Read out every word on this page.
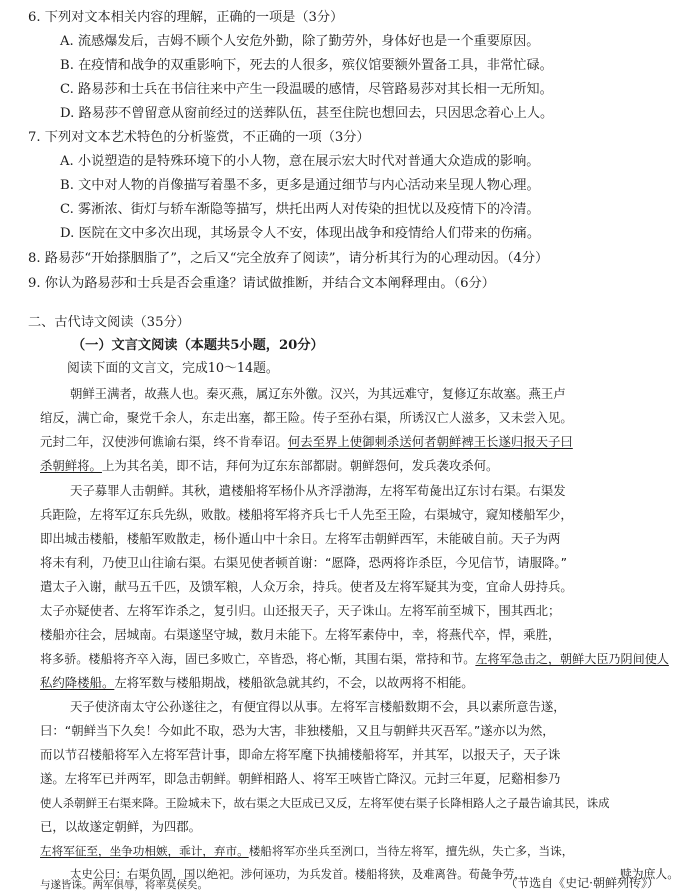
6. 下列对文本相关内容的理解，正确的一项是（3分）
A. 流感爆发后，吉姆不顾个人安危外勤，除了勤劳外，身体好也是一个重要原因。
B. 在疫情和战争的双重影响下，死去的人很多，殡仪馆要额外置备工具，非常忙碌。
C. 路易莎和士兵在书信往来中产生一段温暖的感情，尽管路易莎对其长相一无所知。
D. 路易莎不曾留意从窗前经过的送葬队伍，甚至住院也想回去，只因思念着心上人。
7. 下列对文本艺术特色的分析鉴赏，不正确的一项（3分）
A. 小说塑造的是特殊环境下的小人物，意在展示宏大时代对普通大众造成的影响。
B. 文中对人物的肖像描写着墨不多，更多是通过细节与内心活动来呈现人物心理。
C. 雾淅浓、街灯与轿车渐隐等描写，烘托出两人对传染的担忧以及疫情下的冷清。
D. 医院在文中多次出现，其场景令人不安，体现出战争和疫情给人们带来的伤痛。
8. 路易莎“开始搽胭脂了”，之后又“完全放弃了阅读”，请分析其行为的心理动因。（4分）
9. 你认为路易莎和士兵是否会重逢？请试做推断，并结合文本阐释理由。（6分）
二、古代诗文阅读（35分）
（一）文言文阅读（本题共5小题，20分）
阅读下面的文言文，完成10～14题。
朝鲜王满者，故燕人也。秦灭燕，属辽东外徼。汉兴，为其远难守，复修辽东故塞。燕王卢
绾反，满亡命，聚党千余人，东走出塞，都王险。传子至孙右渠，所诱汉亡人滋多，又未尝入见。
元封二年，汉使涉何谯谕右渠，终不肯奉诏。何去至界上使御刺杀送何者朝鲜裨王长遂归报天子曰
杀朝鲜将。上为其名美，即不诘，拜何为辽东东部都尉。朝鲜怨何，发兵袭攻杀何。
天子募罪人击朝鲜。其秋，遣楼船将军杨仆从齐浮渤海，左将军荀彘出辽东讨右渠。右渠发
兵距险，左将军辽东兵先纵，败散。楼船将军将齐兵七千人先至王险，右渠城守，窥知楼船军少，
即出城击楼船，楼船军败散走，杨仆遁山中十余日。左将军击朝鲜西军，未能破自前。天子为两
将未有利，乃使卫山往谕右渠。右渠见使者顿首谢：“愿降，恐两将诈杀臣，今见信节，请服降。”
遣太子入谢，献马五千匹，及馈军粮，人众万余，持兵。使者及左将军疑其为变，宜命人毋持兵。
太子亦疑使者、左将军诈杀之，复引归。山还报天子，天子诛山。左将军前至城下，围其西北；
楼船亦往会，居城南。右渠遂坚守城，数月未能下。左将军素侍中，幸，将燕代卒，悍，乘胜，
将多骄。楼船将齐卒入海，固已多败亡，卒皆恐，将心惭，其围右渠，常持和节。左将军急击之，朝鲜大臣乃阴间使人
私约降楼船。左将军数与楼船期战，楼船欲急就其约，不会，以故两将不相能。
天子使济南太守公孙遂往之，有便宜得以从事。左将军言楼船数期不会，具以素所意告遂，
曰：“朝鲜当下久矣！今如此不取，恐为大害，非独楼船，又且与朝鲜共灭吾军。”遂亦以为然，
而以节召楼船将军入左将军营计事，即命左将军麾下执捕楼船将军，并其军，以报天子，天子诛
遂。左将军已并两军，即急击朝鲜。朝鲜相路人、将军王唊皆亡降汉。元封三年夏，尼谿相参乃
使人杀朝鲜王右渠来降。王险城未下，故右渠之大臣成已又反，左将军使右渠子长降相路人之子最告谕其民，诛成
已，以故遂定朝鲜，为四郡。
左将军征至，坐争功相嫉，乖计，弃市。楼船将军亦坐兵至洌口，当待左将军，擅先纵，失亡多，当诛，
赎为庶人。
太史公曰：右渠负固，国以绝祀。涉何诬功，为兵发首。楼船将狭，及难离咎。荀彘争劳，
与遂皆诛。两军俱辱，将率莫侯矣。	（节选自《史记·朝鲜列传》）
